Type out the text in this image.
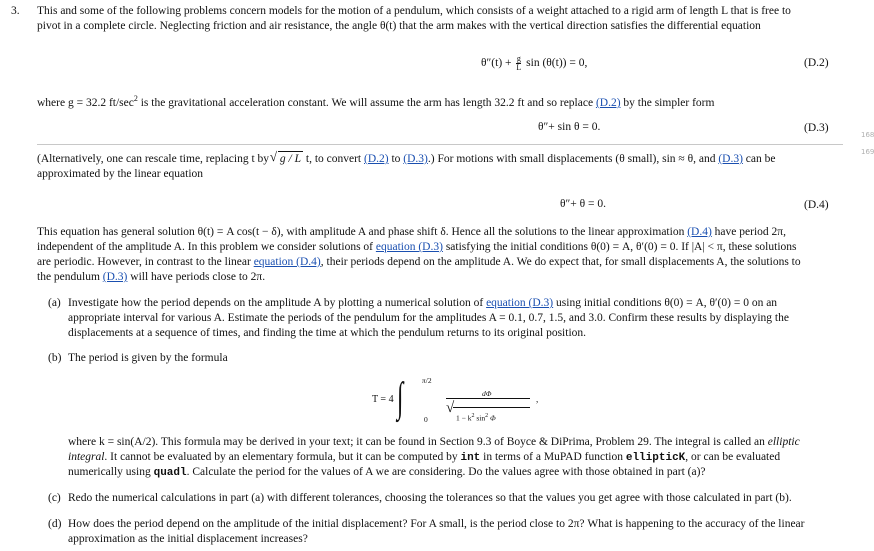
3. This and some of the following problems concern models for the motion of a pendulum, which consists of a weight attached to a rigid arm of length L that is free to
pivot in a complete circle. Neglecting friction and air resistance, the angle θ(t) that the arm makes with the vertical direction satisfies the differential equation
$\theta''(t) + \frac{g}{L}$ sin (θ(t)) = 0,	(D.2)
where g = 32.2 $ft/\sec^2$ is the gravitational acceleration constant. We will assume the arm has length 32.2 ft and so replace (D.2) by the simpler form
θ″+ sin θ = 0.	(D.3)
168
169
(Alternatively, one can rescale time, replacing t by
√ g / L t, to convert (D.2) to (D.3).) For motions with small displacements (θ small), sin ≈ θ, and (D.3) can be
approximated by the linear equation
θ″+ θ = 0.	(D.4)
This equation has general solution θ(t) = A cos(t − δ), with amplitude A and phase shift δ. Hence all the solutions to the linear approximation (D.4) have period 2π,
independent of the amplitude A. In this problem we consider solutions of equation (D.3) satisfying the initial conditions θ(0) = A, θ′(0) = 0. If |A| < π, these solutions
are periodic. However, in contrast to the linear equation (D.4), their periods depend on the amplitude A. We do expect that, for small displacements A, the solutions to
the pendulum (D.3) will have periods close to 2π.
(a) Investigate how the period depends on the amplitude A by plotting a numerical solution of equation (D.3) using initial conditions θ(0) = A, θ′(0) = 0 on an
appropriate interval for various A. Estimate the periods of the pendulum for the amplitudes A = 0.1, 0.7, 1.5, and 3.0. Confirm these results by displaying the
displacements at a sequence of times, and finding the time at which the pendulum returns to its original position.
(b) The period is given by the formula
T = 4 ∫ π/2
0
dΦ
√
$1 - k^2$ $\sin^2 \Phi$
,
where k = sin(A/2). This formula may be derived in your text; it can be found in Section 9.3 of Boyce & DiPrima, Problem 29. The integral is called an elliptic
integral. It cannot be evaluated by an elementary formula, but it can be computed by int in terms of a MuPAD function ellipticK, or can be evaluated
numerically using quadl. Calculate the period for the values of A we are considering. Do the values agree with those obtained in part (a)?
(c) Redo the numerical calculations in part (a) with different tolerances, choosing the tolerances so that the values you get agree with those calculated in part (b).
(d) How does the period depend on the amplitude of the initial displacement? For A small, is the period close to 2π? What is happening to the accuracy of the linear
approximation as the initial displacement increases?
